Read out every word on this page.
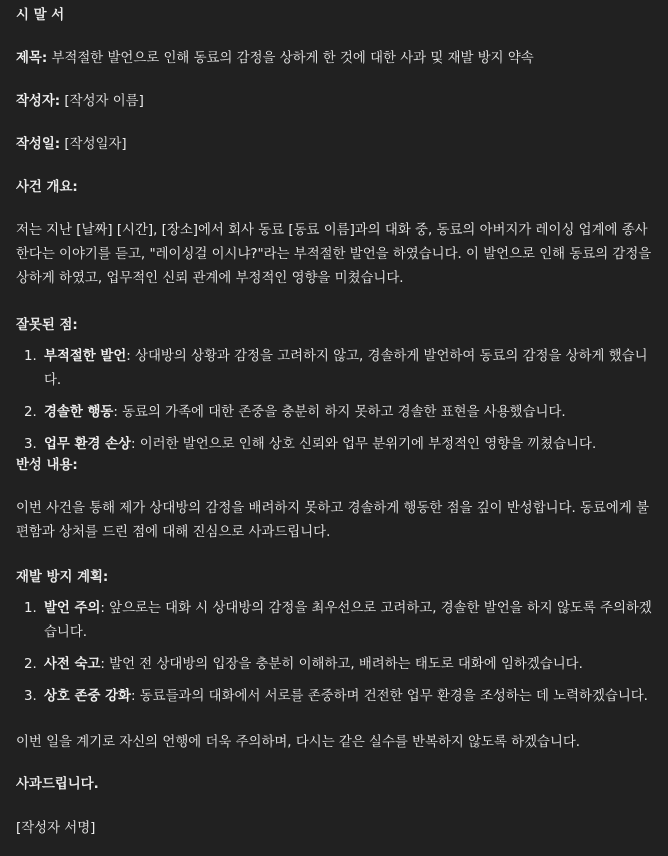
시 말 서
제목: 부적절한 발언으로 인해 동료의 감정을 상하게 한 것에 대한 사과 및 재발 방지 약속
작성자: [작성자 이름]
작성일: [작성일자]
사건 개요:

저는 지난 [날짜] [시간], [장소]에서 회사 동료 [동료 이름]과의 대화 중, 동료의 아버지가 레이싱 업계에 종사한다는 이야기를 듣고, "레이싱걸 이시냐?"라는 부적절한 발언을 하였습니다. 이 발언으로 인해 동료의 감정을 상하게 하였고, 업무적인 신뢰 관계에 부정적인 영향을 미쳤습니다.

잘못된 점:
1. 부적절한 발언: 상대방의 상황과 감정을 고려하지 않고, 경솔하게 발언하여 동료의 감정을 상하게 했습니다.
2. 경솔한 행동: 동료의 가족에 대한 존중을 충분히 하지 못하고 경솔한 표현을 사용했습니다.
3. 업무 환경 손상: 이러한 발언으로 인해 상호 신뢰와 업무 분위기에 부정적인 영향을 끼쳤습니다.
반성 내용:

이번 사건을 통해 제가 상대방의 감정을 배려하지 못하고 경솔하게 행동한 점을 깊이 반성합니다. 동료에게 불편함과 상처를 드린 점에 대해 진심으로 사과드립니다.

재발 방지 계획:
1. 발언 주의: 앞으로는 대화 시 상대방의 감정을 최우선으로 고려하고, 경솔한 발언을 하지 않도록 주의하겠습니다.
2. 사전 숙고: 발언 전 상대방의 입장을 충분히 이해하고, 배려하는 태도로 대화에 임하겠습니다.
3. 상호 존중 강화: 동료들과의 대화에서 서로를 존중하며 건전한 업무 환경을 조성하는 데 노력하겠습니다.

이번 일을 계기로 자신의 언행에 더욱 주의하며, 다시는 같은 실수를 반복하지 않도록 하겠습니다.

사과드립니다.
[작성자 서명]
